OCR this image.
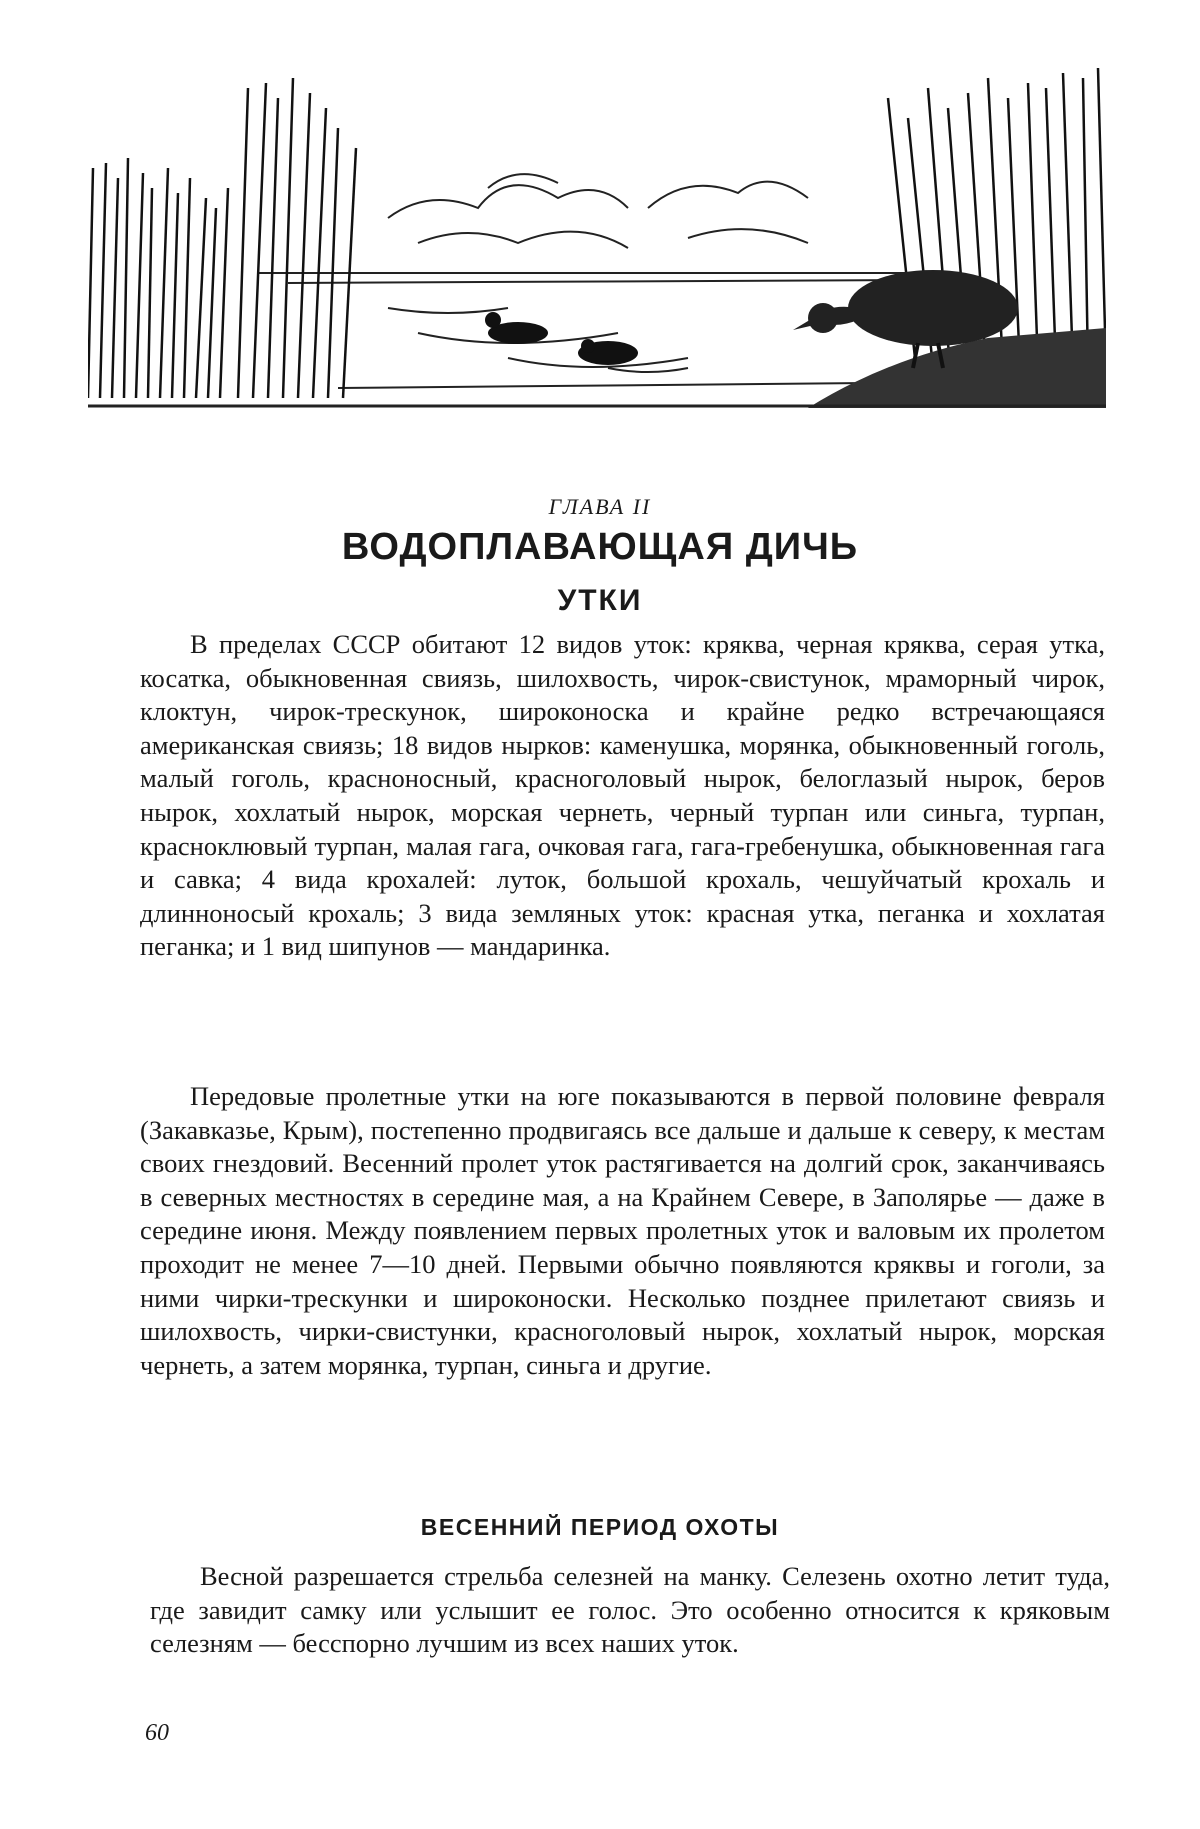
ГЛАВА II
ВОДОПЛАВАЮЩАЯ ДИЧЬ
УТКИ

В пределах СССР обитают 12 видов уток: кряква, черная кряква, серая утка, косатка, обыкновенная свиязь, шилохвость, чирок-свистунок, мраморный чирок, клоктун, чирок-трескунок, широконоска и крайне редко встречающаяся американская свиязь; 18 видов нырков: каменушка, морянка, обыкновенный гоголь, малый гоголь, красноносный, красноголовый нырок, белоглазый нырок, беров нырок, хохлатый нырок, морская чернеть, черный турпан или синьга, турпан, красноклювый турпан, малая гага, очковая гага, гага-гребенушка, обыкновенная гага и савка; 4 вида крохалей: луток, большой крохаль, чешуйчатый крохаль и длинноносый крохаль; 3 вида земляных уток: красная утка, пеганка и хохлатая пеганка; и 1 вид шипунов — мандаринка.

Передовые пролетные утки на юге показываются в первой половине февраля (Закавказье, Крым), постепенно продвигаясь все дальше и дальше к северу, к местам своих гнездовий. Весенний пролет уток растягивается на долгий срок, заканчиваясь в северных местностях в середине мая, а на Крайнем Севере, в Заполярье — даже в середине июня. Между появлением первых пролетных уток и валовым их пролетом проходит не менее 7—10 дней. Первыми обычно появляются кряквы и гоголи, за ними чирки-трескунки и широконоски. Несколько позднее прилетают свиязь и шилохвость, чирки-свистунки, красноголовый нырок, хохлатый нырок, морская чернеть, а затем морянка, турпан, синьга и другие.

ВЕСЕННИЙ ПЕРИОД ОХОТЫ

Весной разрешается стрельба селезней на манку. Селезень охотно летит туда, где завидит самку или услышит ее голос. Это особенно относится к кряковым селезням — бесспорно лучшим из всех наших уток.

60
